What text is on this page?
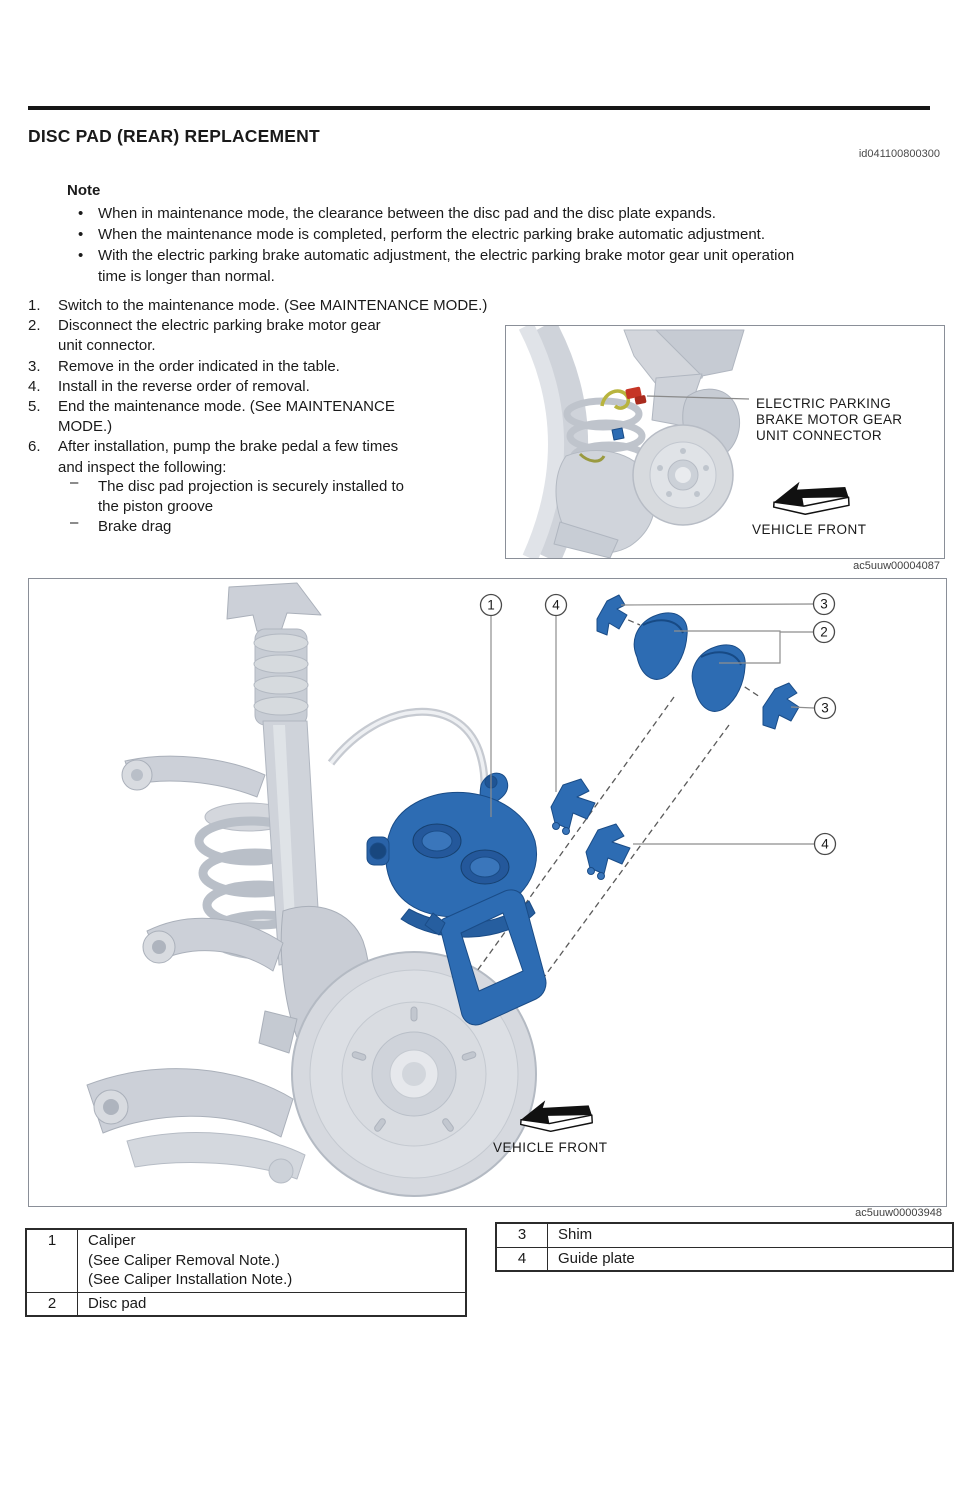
DISC PAD (REAR) REPLACEMENT
id041100800300
Note
• When in maintenance mode, the clearance between the disc pad and the disc plate expands.
• When the maintenance mode is completed, perform the electric parking brake automatic adjustment.
• With the electric parking brake automatic adjustment, the electric parking brake motor gear unit operation
time is longer than normal.
1.	Switch to the maintenance mode. (See MAINTENANCE MODE.)
2.	Disconnect the electric parking brake motor gear
unit connector.
3.	Remove in the order indicated in the table.
4.	Install in the reverse order of removal.
5.	End the maintenance mode. (See MAINTENANCE
MODE.)
6.	After installation, pump the brake pedal a few times
and inspect the following:
–	The disc pad projection is securely installed to
the piston groove
–	Brake drag
ELECTRIC PARKING
BRAKE MOTOR GEAR
UNIT CONNECTOR
VEHICLE FRONT
ac5uuw00004087
1	4	3
2
3
4
VEHICLE FRONT
ac5uuw00003948
1	Caliper
(See Caliper Removal Note.)
(See Caliper Installation Note.)
2	Disc pad
3	Shim
4	Guide plate
